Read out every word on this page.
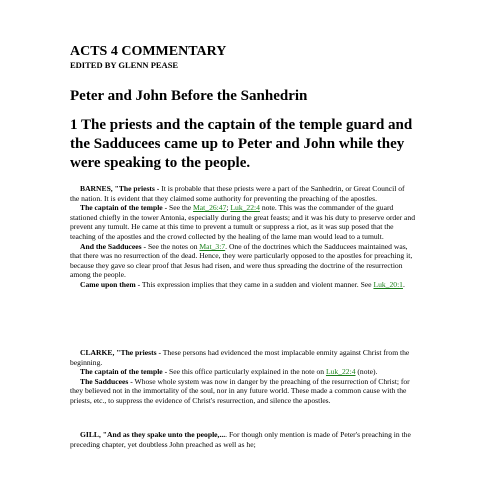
ACTS 4 COMMENTARY
EDITED BY GLENN PEASE
Peter and John Before the Sanhedrin
1 The priests and the captain of the temple guard and the Sadducees came up to Peter and John while they were speaking to the people.

BARNES, "The priests - It is probable that these priests were a part of the Sanhedrin, or Great Council of the nation. It is evident that they claimed some authority for preventing the preaching of the apostles.

The captain of the temple - See the Mat_26:47; Luk_22:4 note. This was the commander of the guard stationed chiefly in the tower Antonia, especially during the great feasts; and it was his duty to preserve order and prevent any tumult. He came at this time to prevent a tumult or suppress a riot, as it was sup posed that the teaching of the apostles and the crowd collected by the healing of the lame man would lead to a tumult.

And the Sadducees - See the notes on Mat_3:7. One of the doctrines which the Sadducees maintained was, that there was no resurrection of the dead. Hence, they were particularly opposed to the apostles for preaching it, because they gave so clear proof that Jesus had risen, and were thus spreading the doctrine of the resurrection among the people.

Came upon them - This expression implies that they came in a sudden and violent manner. See Luk_20:1.

CLARKE, "The priests - These persons had evidenced the most implacable enmity against Christ from the beginning.

The captain of the temple - See this office particularly explained in the note on Luk_22:4 (note).

The Sadducees - Whose whole system was now in danger by the preaching of the resurrection of Christ; for they believed not in the immortality of the soul, nor in any future world. These made a common cause with the priests, etc., to suppress the evidence of Christ's resurrection, and silence the apostles.

GILL, "And as they spake unto the people,.... For though only mention is made of Peter's preaching in the preceding chapter, yet doubtless John preached as well as he;
